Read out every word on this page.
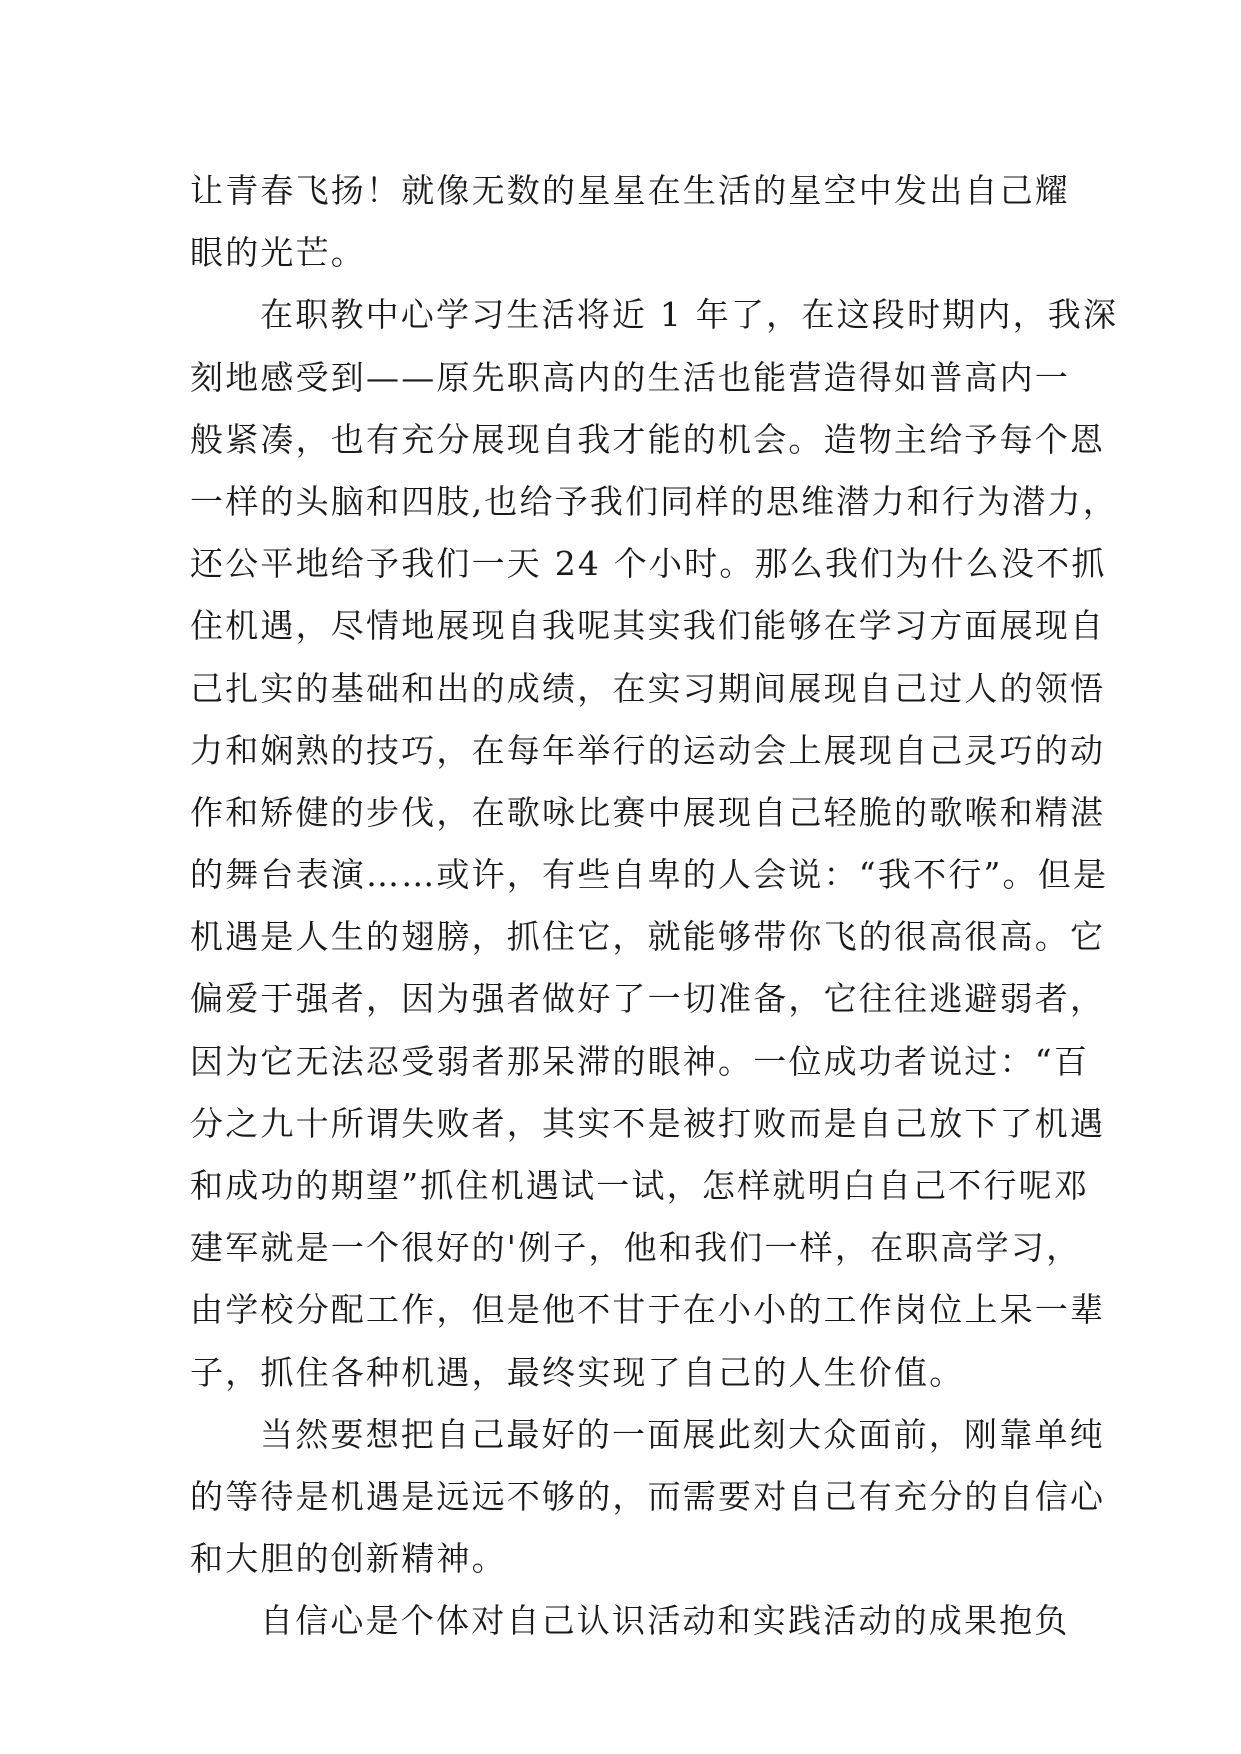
让青春飞扬！就像无数的星星在生活的星空中发出自己耀
眼的光芒。
在职教中心学习生活将近 1 年了，在这段时期内，我深
刻地感受到——原先职高内的生活也能营造得如普高内一
般紧凑，也有充分展现自我才能的机会。造物主给予每个恩
一样的头脑和四肢,也给予我们同样的思维潜力和行为潜力，
还公平地给予我们一天 24 个小时。那么我们为什么没不抓
住机遇，尽情地展现自我呢其实我们能够在学习方面展现自
己扎实的基础和出的成绩，在实习期间展现自己过人的领悟
力和娴熟的技巧，在每年举行的运动会上展现自己灵巧的动
作和矫健的步伐，在歌咏比赛中展现自己轻脆的歌喉和精湛
的舞台表演……或许，有些自卑的人会说：“我不行”。但是
机遇是人生的翅膀，抓住它，就能够带你飞的很高很高。它
偏爱于强者，因为强者做好了一切准备，它往往逃避弱者，
因为它无法忍受弱者那呆滞的眼神。一位成功者说过：“百
分之九十所谓失败者，其实不是被打败而是自己放下了机遇
和成功的期望”抓住机遇试一试，怎样就明白自己不行呢邓
建军就是一个很好的'例子，他和我们一样，在职高学习，
由学校分配工作，但是他不甘于在小小的工作岗位上呆一辈
子，抓住各种机遇，最终实现了自己的人生价值。
当然要想把自己最好的一面展此刻大众面前，刚靠单纯
的等待是机遇是远远不够的，而需要对自己有充分的自信心
和大胆的创新精神。
自信心是个体对自己认识活动和实践活动的成果抱负
